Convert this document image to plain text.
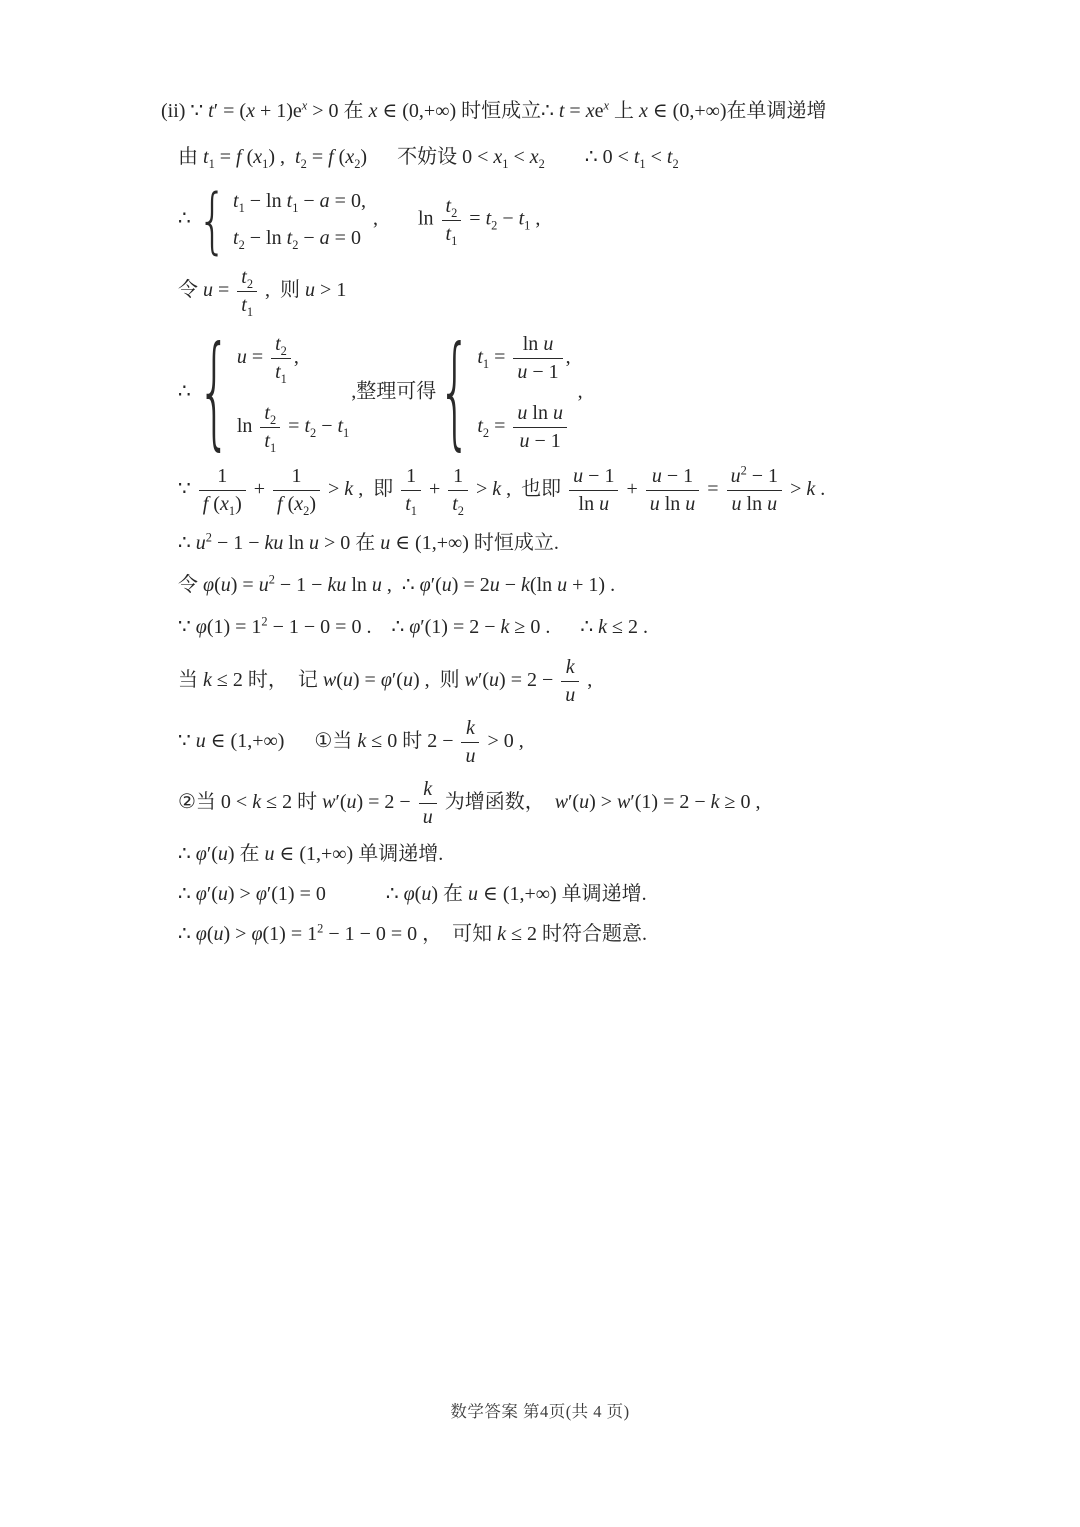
(ii) ∵ $t' = (x + 1)e^x > 0$ 在 x ∈ (0,+∞) 时恒成立∴ $t = xe^x$ 上 x ∈ (0,+∞)在单调递增
由 $t_1 = f$ $(x_1)$ ,  $t_2 = f$ $(x_2)$  不妨设 $0 < x_1 < x_2$  ∴ $0 < t_1 < t_2$
∴
{ $t_1 - \ln t_1 - a = 0$,
$t_2 - \ln t_2 - a = 0$
,  $\ln \frac{t_2}{t_1} = t_2 - t_1$ ,
令 $u = \frac{t_2}{t_1}$ , 则 u > 1
∴
{ $u = \frac{t_2}{t_1}$ ,
$\ln \frac{t_2}{t_1} = t_2 - t_1$
,整理可得
{ $t_1 = \frac{\text{ln u}}{u - 1}$ ,
$t_2 = \frac{\text{u ln u}}{u - 1}$
,
∵ $\frac{1}{f (x_1)} + \frac{1}{f (x_2)} > k$ , 即 $\frac{1}{t_1} + \frac{1}{t_2} > k$ , 也即 $\frac{u - 1}{\text{ln u}} + \frac{u - 1}{\text{u ln u}} = \frac{u^2 - 1}{\text{u ln u}} > k$ .
∴ $u^2 - 1$ − ku ln u > 0 在 u ∈ (1,+∞) 时恒成立.
令 $\varphi(u) = u^2 - 1$ − ku ln u , ∴ φ′(u) = 2u − k(ln u + 1) .
∵ $\varphi(1) = 1^2 - 1 - 0 = 0$ . ∴ φ′(1) = 2 − k ≥ 0 .  ∴ k ≤ 2 .
当 k ≤ 2 时， 记 w(u) = φ′(u) , 则 $w'(u) = 2 - \frac{k}{u}$ ,
∵ u ∈ (1,+∞)  ①当 k ≤ 0 时 $2 - \frac{k}{u} > 0$ ,
②当 0 < k ≤ 2 时 $w'(u) = 2 - \frac{k}{u}$ 为增函数， w′(u) > w′(1) = 2 − k ≥ 0 ,
∴ φ′(u) 在 u ∈ (1,+∞) 单调递增.
∴ φ′(u) > φ′(1) = 0   ∴ φ(u) 在 u ∈ (1,+∞) 单调递增.
∴ $\varphi(u) > \varphi(1) = 1^2 - 1 - 0 = 0$ ， 可知 k ≤ 2 时符合题意.
数学答案 第4页(共 4 页)
